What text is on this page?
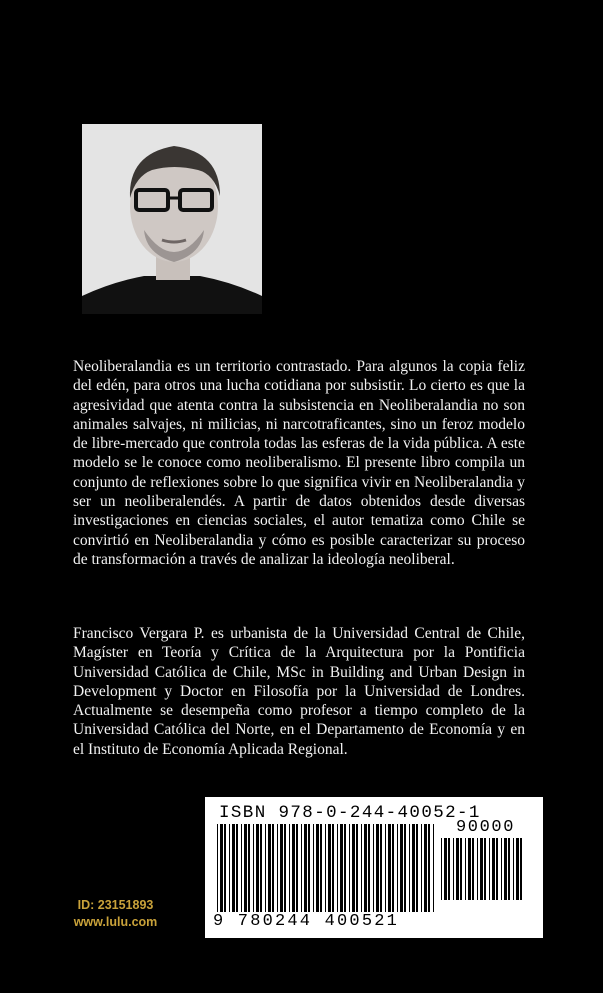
Neoliberalandia es un territorio contrastado. Para algunos la copia feliz del edén, para otros una lucha cotidiana por subsistir. Lo cierto es que la agresividad que atenta contra la subsistencia en Neoliberalandia no son animales salvajes, ni milicias, ni narcotraficantes, sino un feroz modelo de libre-mercado que controla todas las esferas de la vida pública. A este modelo se le conoce como neoliberalismo. El presente libro compila un conjunto de reflexiones sobre lo que significa vivir en Neoliberalandia y ser un neoliberalendés. A partir de datos obtenidos desde diversas investigaciones en ciencias sociales, el autor tematiza como Chile se convirtió en Neoliberalandia y cómo es posible caracterizar su proceso de transformación a través de analizar la ideología neoliberal.

Francisco Vergara P. es urbanista de la Universidad Central de Chile, Magíster en Teoría y Crítica de la Arquitectura por la Pontificia Universidad Católica de Chile, MSc in Building and Urban Design in Development y Doctor en Filosofía por la Universidad de Londres. Actualmente se desempeña como profesor a tiempo completo de la Universidad Católica del Norte, en el Departamento de Economía y en el Instituto de Economía Aplicada Regional.

ISBN 978-0-244-40052-1
90000
9 780244 400521
ID: 23151893
www.lulu.com
